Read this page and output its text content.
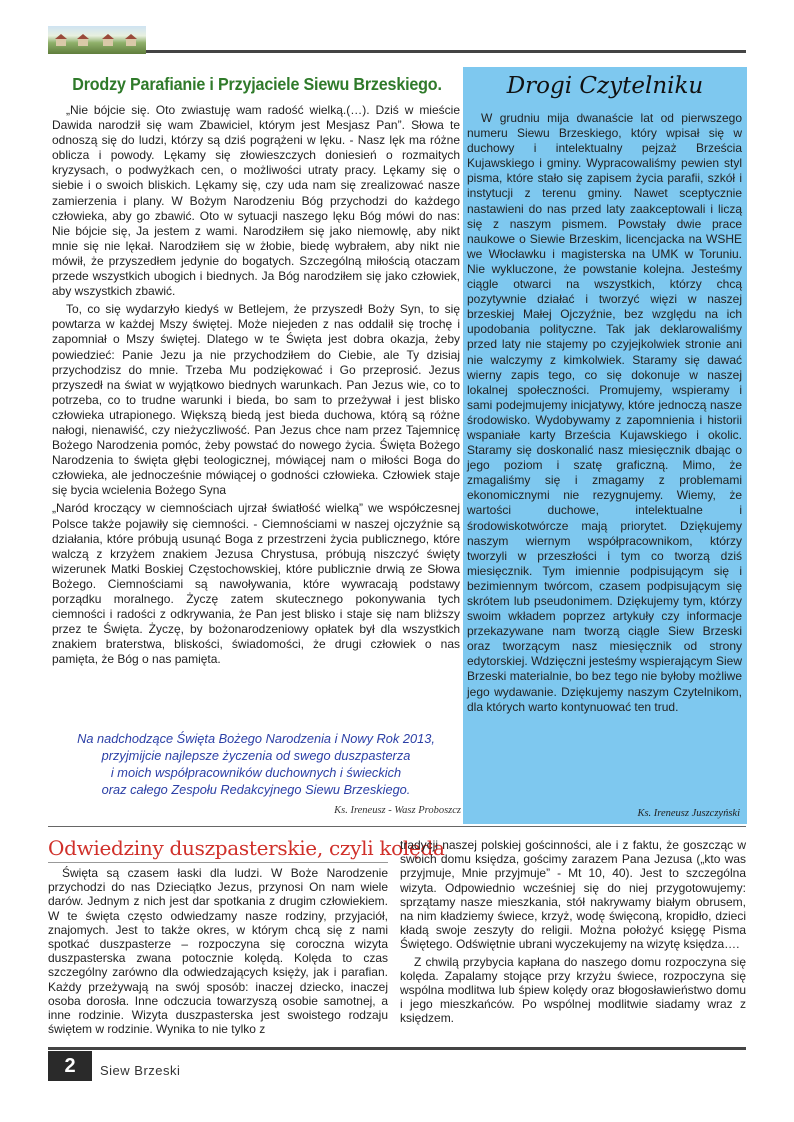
Drodzy Parafianie i Przyjaciele Siewu Brzeskiego.

„Nie bójcie się. Oto zwiastuję wam radość wielką.(…). Dziś w mieście Dawida narodził się wam Zbawiciel, którym jest Mesjasz Pan”. Słowa te odnoszą się do ludzi, którzy są dziś pogrążeni w lęku. - Nasz lęk ma różne oblicza i powody. Lękamy się złowieszczych doniesień o rozmaitych kryzysach, o podwyżkach cen, o możliwości utraty pracy. Lękamy się o siebie i o swoich bliskich. Lękamy się, czy uda nam się zrealizować nasze zamierzenia i plany. W Bożym Narodzeniu Bóg przychodzi do każdego człowieka, aby go zbawić. Oto w sytuacji naszego lęku Bóg mówi do nas: Nie bójcie się, Ja jestem z wami. Narodziłem się jako niemowlę, aby nikt mnie się nie lękał. Narodziłem się w żłobie, biedę wybrałem, aby nikt nie mówił, że przyszedłem jedynie do bogatych. Szczególną miłością otaczam przede wszystkich ubogich i biednych. Ja Bóg narodziłem się jako człowiek, aby wszystkich zbawić.

To, co się wydarzyło kiedyś w Betlejem, że przyszedł Boży Syn, to się powtarza w każdej Mszy świętej. Może niejeden z nas oddalił się trochę i zapomniał o Mszy świętej. Dlatego w te Święta jest dobra okazja, żeby powiedzieć: Panie Jezu ja nie przychodziłem do Ciebie, ale Ty dzisiaj przychodzisz do mnie. Trzeba Mu podziękować i Go przeprosić. Jezus przyszedł na świat w wyjątkowo biednych warunkach. Pan Jezus wie, co to potrzeba, co to trudne warunki i bieda, bo sam to przeżywał i jest blisko człowieka utrapionego. Większą biedą jest bieda duchowa, którą są różne nałogi, nienawiść, czy nieżyczliwość. Pan Jezus chce nam przez Tajemnicę Bożego Narodzenia pomóc, żeby powstać do nowego życia. Święta Bożego Narodzenia to święta głębi teologicznej, mówiącej nam o miłości Boga do człowieka, ale jednocześnie mówiącej o godności człowieka. Człowiek staje się bycia wcielenia Bożego Syna

„Naród kroczący w ciemnościach ujrzał światłość wielką” we współczesnej Polsce także pojawiły się ciemności. - Ciemnościami w naszej ojczyźnie są działania, które próbują usunąć Boga z przestrzeni życia publicznego, które walczą z krzyżem znakiem Jezusa Chrystusa, próbują niszczyć święty wizerunek Matki Boskiej Częstochowskiej, które publicznie drwią ze Słowa Bożego. Ciemnościami są nawoływania, które wywracają podstawy porządku moralnego. Życzę zatem skutecznego pokonywania tych ciemności i radości z odkrywania, że Pan jest blisko i staje się nam bliższy przez te Święta. Życzę, by bożonarodzeniowy opłatek był dla wszystkich znakiem braterstwa, bliskości, świadomości, że drugi człowiek o nas pamięta, że Bóg o nas pamięta.

Na nadchodzące Święta Bożego Narodzenia i Nowy Rok 2013,
przyjmijcie najlepsze życzenia od swego duszpasterza
i moich współpracowników duchownych i świeckich
oraz całego Zespołu Redakcyjnego Siewu Brzeskiego.
Ks. Ireneusz - Wasz Proboszcz
Drogi Czytelniku

W grudniu mija dwanaście lat od pierwszego numeru Siewu Brzeskiego, który wpisał się w duchowy i intelektualny pejzaż Brześcia Kujawskiego i gminy. Wypracowaliśmy pewien styl pisma, które stało się zapisem życia parafii, szkół i instytucji z terenu gminy. Nawet sceptycznie nastawieni do nas przed laty zaakceptowali i liczą się z naszym pismem. Powstały dwie prace naukowe o Siewie Brzeskim, licencjacka na WSHE we Włocławku i magisterska na UMK w Toruniu. Nie wykluczone, że powstanie kolejna. Jesteśmy ciągle otwarci na wszystkich, którzy chcą pozytywnie działać i tworzyć więzi w naszej brzeskiej Małej Ojczyźnie, bez względu na ich upodobania polityczne. Tak jak deklarowaliśmy przed laty nie stajemy po czyjejkolwiek stronie ani nie walczymy z kimkolwiek. Staramy się dawać wierny zapis tego, co się dokonuje w naszej lokalnej społeczności. Promujemy, wspieramy i sami podejmujemy inicjatywy, które jednoczą nasze środowisko. Wydobywamy z zapomnienia i historii wspaniałe karty Brześcia Kujawskiego i okolic. Staramy się doskonalić nasz miesięcznik dbając o jego poziom i szatę graficzną. Mimo, że zmagaliśmy się i zmagamy z problemami ekonomicznymi nie rezygnujemy. Wiemy, że wartości duchowe, intelektualne i środowiskotwórcze mają priorytet. Dziękujemy naszym wiernym współpracownikom, którzy tworzyli w przeszłości i tym co tworzą dziś miesięcznik. Tym imiennie podpisującym się i bezimiennym twórcom, czasem podpisującym się skrótem lub pseudonimem. Dziękujemy tym, którzy swoim wkładem poprzez artykuły czy informacje przekazywane nam tworzą ciągle Siew Brzeski oraz tworzącym nasz miesięcznik od strony edytorskiej. Wdzięczni jesteśmy wspierającym Siew Brzeski materialnie, bo bez tego nie byłoby możliwe jego wydawanie. Dziękujemy naszym Czytelnikom, dla których warto kontynuować ten trud.

Ks. Ireneusz Juszczyński
Odwiedziny duszpasterskie, czyli kolęda

Święta są czasem łaski dla ludzi. W Boże Narodzenie przychodzi do nas Dzieciątko Jezus, przynosi On nam wiele darów. Jednym z nich jest dar spotkania z drugim człowiekiem. W te święta często odwiedzamy nasze rodziny, przyjaciół, znajomych. Jest to także okres, w którym chcą się z nami spotkać duszpasterze – rozpoczyna się coroczna wizyta duszpasterska zwana potocznie kolędą. Kolęda to czas szczególny zarówno dla odwiedzających księży, jak i parafian. Każdy przeżywają na swój sposób: inaczej dziecko, inaczej osoba dorosła. Inne odczucia towarzyszą osobie samotnej, a inne rodzinie. Wizyta duszpasterska jest swoistego rodzaju świętem w rodzinie. Wynika to nie tylko z

tradycji naszej polskiej gościnności, ale i z faktu, że goszcząc w swoich domu księdza, gościmy zarazem Pana Jezusa („kto was przyjmuje, Mnie przyjmuje” - Mt 10, 40). Jest to szczególna wizyta. Odpowiednio wcześniej się do niej przygotowujemy: sprzątamy nasze mieszkania, stół nakrywamy białym obrusem, na nim kładziemy świece, krzyż, wodę święconą, kropidło, dzieci kładą swoje zeszyty do religii. Można położyć księgę Pisma Świętego. Odświętnie ubrani wyczekujemy na wizytę księdza….

Z chwilą przybycia kapłana do naszego domu rozpoczyna się kolęda. Zapalamy stojące przy krzyżu świece, rozpoczyna się wspólna modlitwa lub śpiew kolędy oraz błogosławieństwo domu i jego mieszkańców. Po wspólnej modlitwie siadamy wraz z księdzem.

2	Siew Brzeski
